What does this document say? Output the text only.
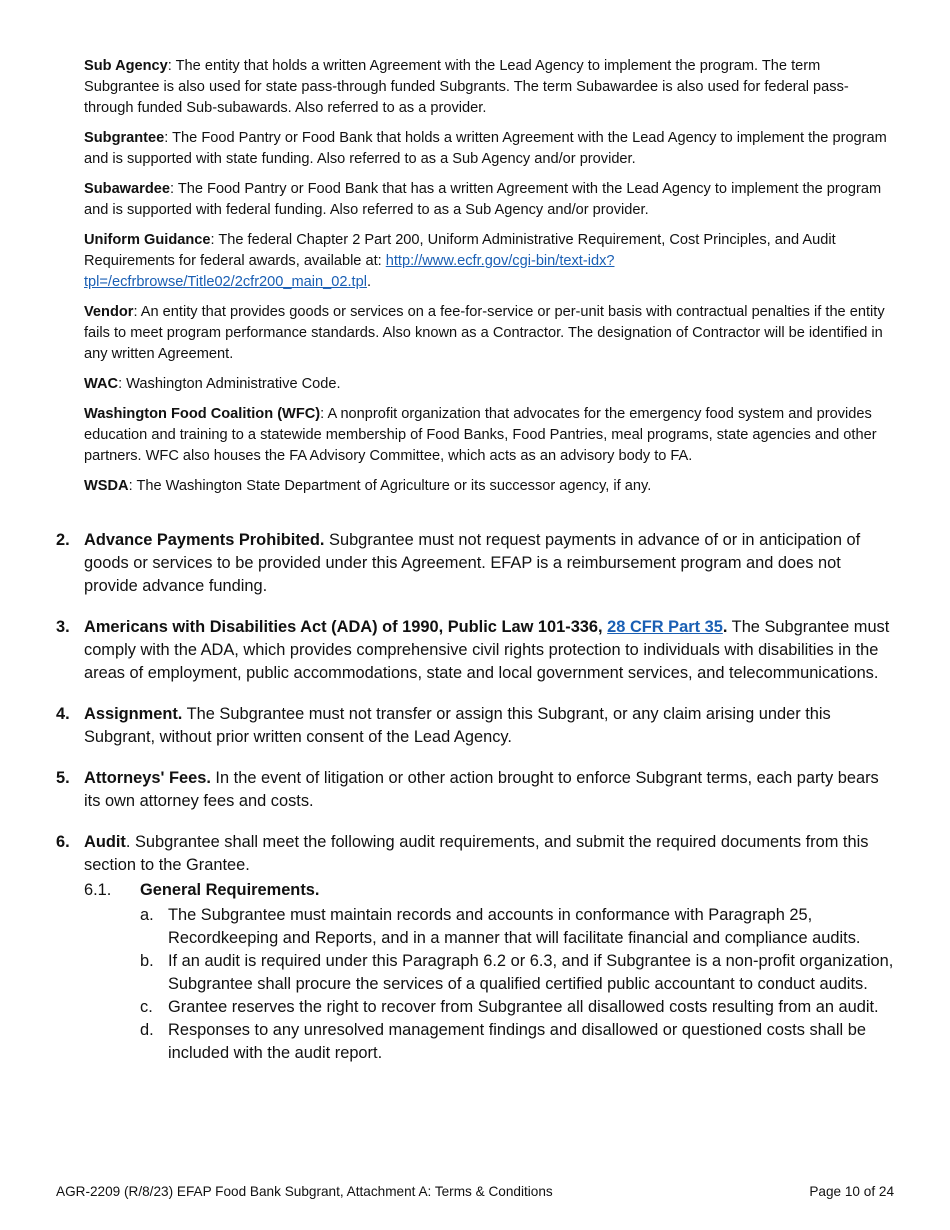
Sub Agency: The entity that holds a written Agreement with the Lead Agency to implement the program. The term Subgrantee is also used for state pass-through funded Subgrants. The term Subawardee is also used for federal pass-through funded Sub-subawards. Also referred to as a provider.

Subgrantee: The Food Pantry or Food Bank that holds a written Agreement with the Lead Agency to implement the program and is supported with state funding. Also referred to as a Sub Agency and/or provider.

Subawardee: The Food Pantry or Food Bank that has a written Agreement with the Lead Agency to implement the program and is supported with federal funding. Also referred to as a Sub Agency and/or provider.

Uniform Guidance: The federal Chapter 2 Part 200, Uniform Administrative Requirement, Cost Principles, and Audit Requirements for federal awards, available at: http://www.ecfr.gov/cgi-bin/text-idx?tpl=/ecfrbrowse/Title02/2cfr200_main_02.tpl.

Vendor: An entity that provides goods or services on a fee-for-service or per-unit basis with contractual penalties if the entity fails to meet program performance standards. Also known as a Contractor. The designation of Contractor will be identified in any written Agreement.

WAC: Washington Administrative Code.

Washington Food Coalition (WFC): A nonprofit organization that advocates for the emergency food system and provides education and training to a statewide membership of Food Banks, Food Pantries, meal programs, state agencies and other partners. WFC also houses the FA Advisory Committee, which acts as an advisory body to FA.

WSDA: The Washington State Department of Agriculture or its successor agency, if any.

2. Advance Payments Prohibited. Subgrantee must not request payments in advance of or in anticipation of goods or services to be provided under this Agreement. EFAP is a reimbursement program and does not provide advance funding.
3. Americans with Disabilities Act (ADA) of 1990, Public Law 101-336, 28 CFR Part 35. The Subgrantee must comply with the ADA, which provides comprehensive civil rights protection to individuals with disabilities in the areas of employment, public accommodations, state and local government services, and telecommunications.
4. Assignment. The Subgrantee must not transfer or assign this Subgrant, or any claim arising under this Subgrant, without prior written consent of the Lead Agency.
5. Attorneys' Fees. In the event of litigation or other action brought to enforce Subgrant terms, each party bears its own attorney fees and costs.
6. Audit. Subgrantee shall meet the following audit requirements, and submit the required documents from this section to the Grantee.
6.1. General Requirements.
a. The Subgrantee must maintain records and accounts in conformance with Paragraph 25, Recordkeeping and Reports, and in a manner that will facilitate financial and compliance audits.
b. If an audit is required under this Paragraph 6.2 or 6.3, and if Subgrantee is a non-profit organization, Subgrantee shall procure the services of a qualified certified public accountant to conduct audits.
c. Grantee reserves the right to recover from Subgrantee all disallowed costs resulting from an audit.
d. Responses to any unresolved management findings and disallowed or questioned costs shall be included with the audit report.
AGR-2209 (R/8/23) EFAP Food Bank Subgrant, Attachment A: Terms & Conditions	Page 10 of 24
